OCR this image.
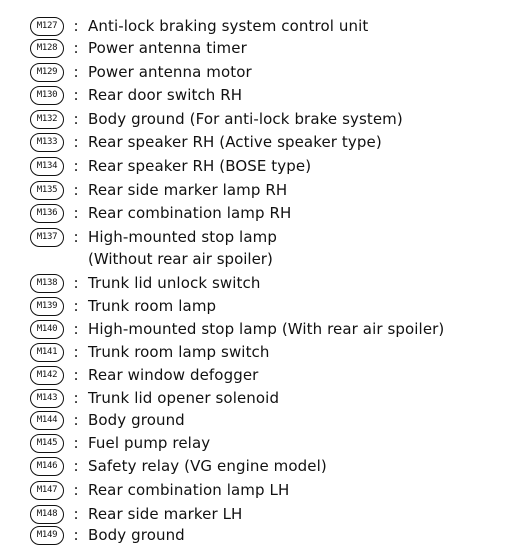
M127	: Anti-lock braking system control unit
M128	: Power antenna timer
M129	: Power antenna motor
M130	: Rear door switch RH
M132	: Body ground (For anti-lock brake system)
M133	: Rear speaker RH (Active speaker type)
M134	: Rear speaker RH (BOSE type)
M135	: Rear side marker lamp RH
M136	: Rear combination lamp RH
M137	: High-mounted stop lamp
(Without rear air spoiler)
M138	: Trunk lid unlock switch
M139	: Trunk room lamp
M140	: High-mounted stop lamp (With rear air spoiler)
M141	: Trunk room lamp switch
M142	: Rear window defogger
M143	: Trunk lid opener solenoid
M144	: Body ground
M145	: Fuel pump relay
M146	: Safety relay (VG engine model)
M147	: Rear combination lamp LH
M148	: Rear side marker LH
M149	: Body ground
